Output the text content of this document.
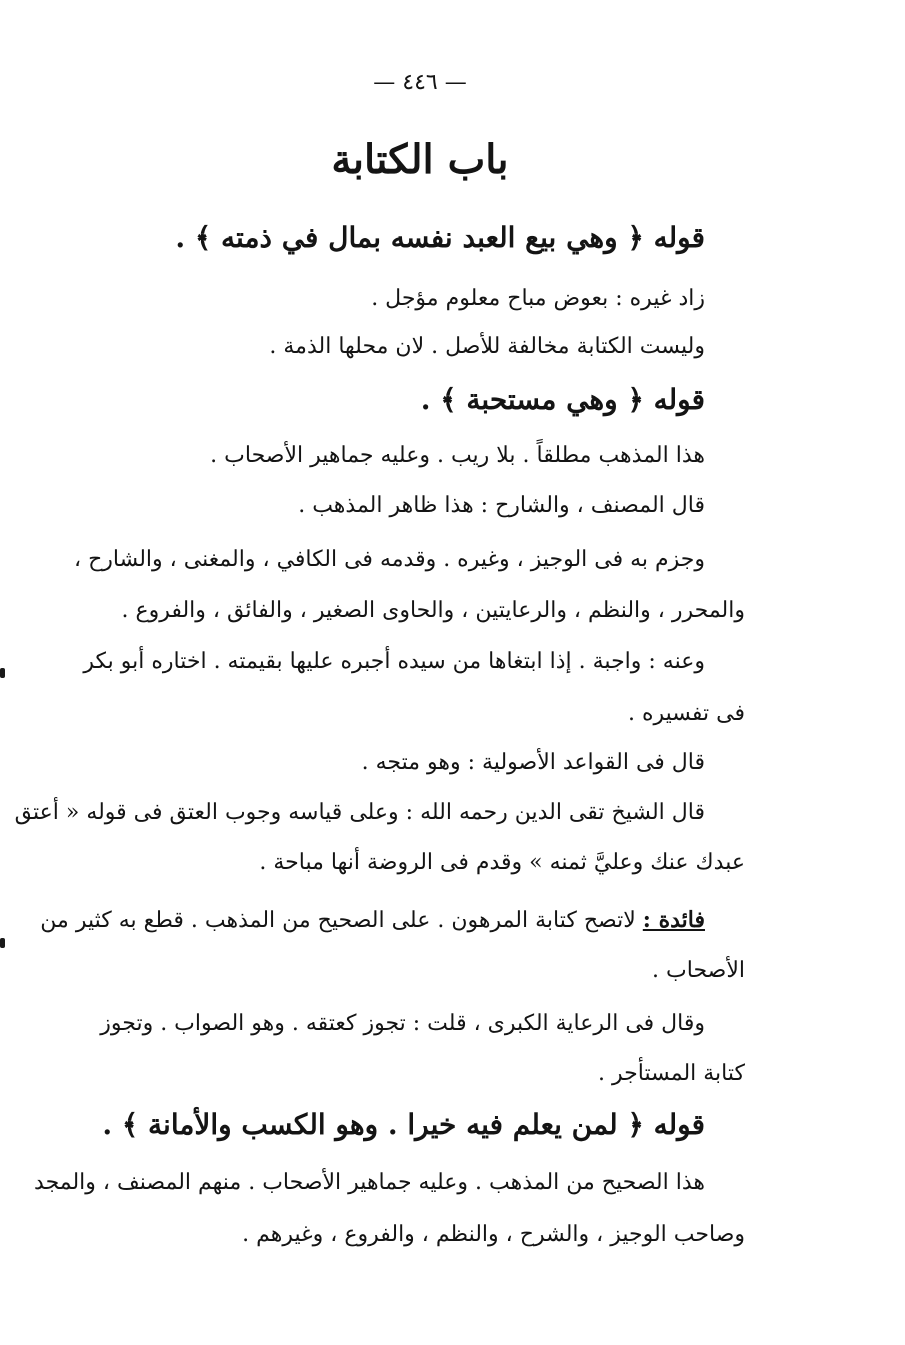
— ٤٤٦ —
باب الكتابة
قوله ﴿ وهي بيع العبد نفسه بمال في ذمته ﴾ .
زاد غيره : بعوض مباح معلوم مؤجل .
وليست الكتابة مخالفة للأصل . لان محلها الذمة .
قوله ﴿ وهي مستحبة ﴾ .
هذا المذهب مطلقاً . بلا ريب . وعليه جماهير الأصحاب .
قال المصنف ، والشارح : هذا ظاهر المذهب .
وجزم به فى الوجيز ، وغيره . وقدمه فى الكافي ، والمغنى ، والشارح ،
والمحرر ، والنظم ، والرعايتين ، والحاوى الصغير ، والفائق ، والفروع .
وعنه : واجبة . إذا ابتغاها من سيده أجبره عليها بقيمته . اختاره أبو بكر
فى تفسيره .
قال فى القواعد الأصولية : وهو متجه .
قال الشيخ تقى الدين رحمه الله : وعلى قياسه وجوب العتق فى قوله « أعتق
عبدك عنك وعليَّ ثمنه » وقدم فى الروضة أنها مباحة .
فائدة : لاتصح كتابة المرهون . على الصحيح من المذهب . قطع به كثير من
الأصحاب .
وقال فى الرعاية الكبرى ، قلت : تجوز كعتقه . وهو الصواب . وتجوز
كتابة المستأجر .
قوله ﴿ لمن يعلم فيه خيرا . وهو الكسب والأمانة ﴾ .
هذا الصحيح من المذهب . وعليه جماهير الأصحاب . منهم المصنف ، والمجد
وصاحب الوجيز ، والشرح ، والنظم ، والفروع ، وغيرهم .
